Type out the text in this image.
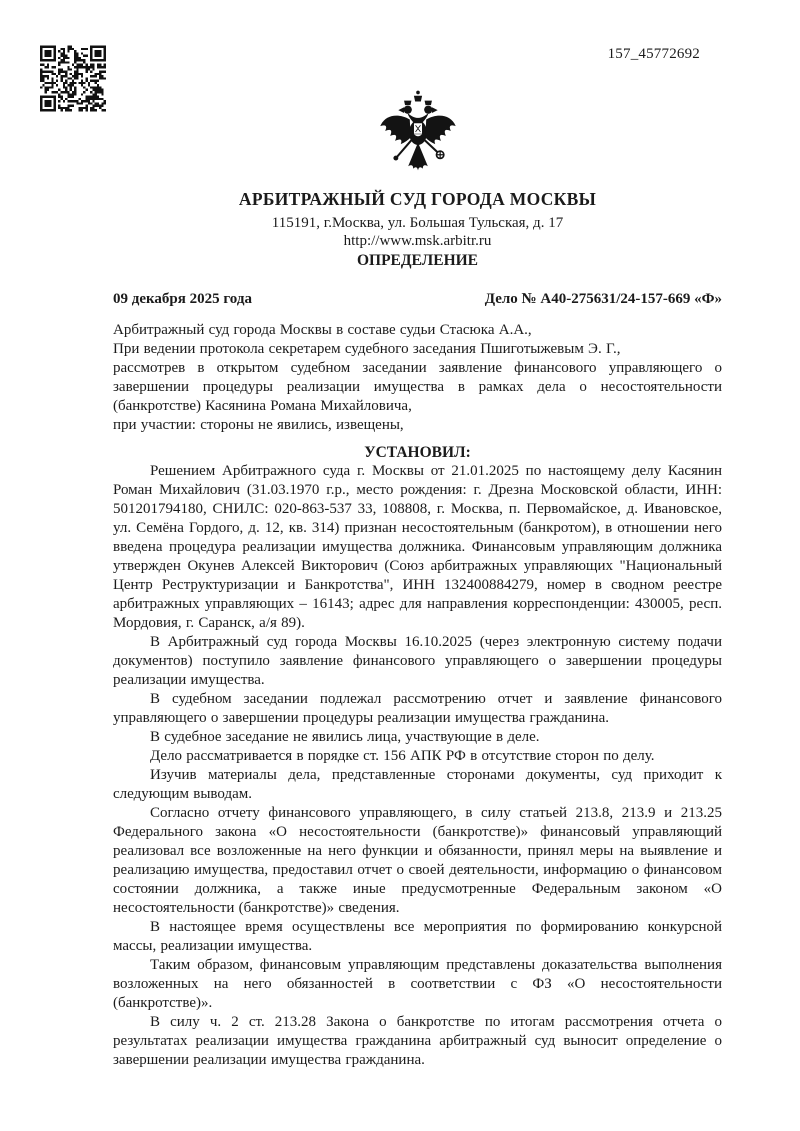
157_45772692
АРБИТРАЖНЫЙ СУД ГОРОДА МОСКВЫ
115191, г.Москва, ул. Большая Тульская, д. 17
http://www.msk.arbitr.ru
ОПРЕДЕЛЕНИЕ
09 декабря 2025 года	Дело № А40-275631/24-157-669 «Ф»

Арбитражный суд города Москвы в составе судьи Стасюка А.А.,

При ведении протокола секретарем судебного заседания Пшиготыжевым Э. Г.,

рассмотрев в открытом судебном заседании заявление финансового управляющего о завершении процедуры реализации имущества в рамках дела о несостоятельности (банкротстве) Касянина Романа Михайловича,

при участии: стороны не явились, извещены,

УСТАНОВИЛ:

Решением Арбитражного суда г. Москвы от 21.01.2025 по настоящему делу Касянин Роман Михайлович (31.03.1970 г.р., место рождения: г. Дрезна Московской области, ИНН: 501201794180, СНИЛС: 020-863-537 33, 108808, г. Москва, п. Первомайское, д. Ивановское, ул. Семёна Гордого, д. 12, кв. 314) признан несостоятельным (банкротом), в отношении него введена процедура реализации имущества должника. Финансовым управляющим должника утвержден Окунев Алексей Викторович (Союз арбитражных управляющих "Национальный Центр Реструктуризации и Банкротства", ИНН 132400884279, номер в сводном реестре арбитражных управляющих – 16143; адрес для направления корреспонденции: 430005, респ. Мордовия, г. Саранск, а/я 89).

В Арбитражный суд города Москвы 16.10.2025 (через электронную систему подачи документов) поступило заявление финансового управляющего о завершении процедуры реализации имущества.

В судебном заседании подлежал рассмотрению отчет и заявление финансового управляющего о завершении процедуры реализации имущества гражданина.

В судебное заседание не явились лица, участвующие в деле.

Дело рассматривается в порядке ст. 156 АПК РФ в отсутствие сторон по делу.

Изучив материалы дела, представленные сторонами документы, суд приходит к следующим выводам.

Согласно отчету финансового управляющего, в силу статьей 213.8, 213.9 и 213.25 Федерального закона «О несостоятельности (банкротстве)» финансовый управляющий реализовал все возложенные на него функции и обязанности, принял меры на выявление и реализацию имущества, предоставил отчет о своей деятельности, информацию о финансовом состоянии должника, а также иные предусмотренные Федеральным законом «О несостоятельности (банкротстве)» сведения.

В настоящее время осуществлены все мероприятия по формированию конкурсной массы, реализации имущества.

Таким образом, финансовым управляющим представлены доказательства выполнения возложенных на него обязанностей в соответствии с ФЗ «О несостоятельности (банкротстве)».

В силу ч. 2 ст. 213.28 Закона о банкротстве по итогам рассмотрения отчета о результатах реализации имущества гражданина арбитражный суд выносит определение о завершении реализации имущества гражданина.
